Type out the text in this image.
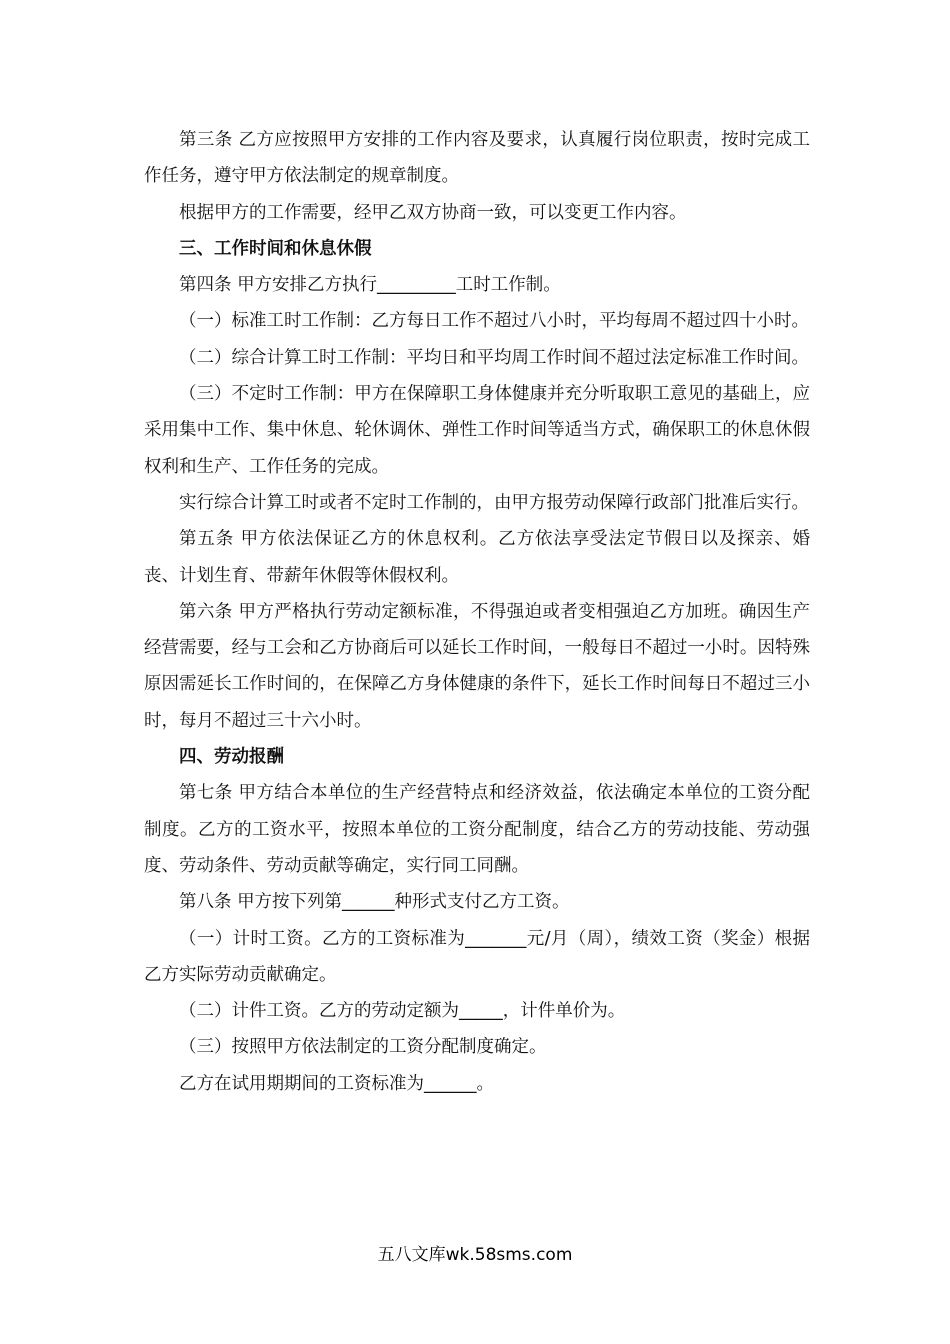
第三条 乙方应按照甲方安排的工作内容及要求，认真履行岗位职责，按时完成工作任务，遵守甲方依法制定的规章制度。

根据甲方的工作需要，经甲乙双方协商一致，可以变更工作内容。

三、工作时间和休息休假

第四条 甲方安排乙方执行_________工时工作制。

（一）标准工时工作制：乙方每日工作不超过八小时，平均每周不超过四十小时。

（二）综合计算工时工作制：平均日和平均周工作时间不超过法定标准工作时间。

（三）不定时工作制：甲方在保障职工身体健康并充分听取职工意见的基础上，应采用集中工作、集中休息、轮休调休、弹性工作时间等适当方式，确保职工的休息休假权利和生产、工作任务的完成。

实行综合计算工时或者不定时工作制的，由甲方报劳动保障行政部门批准后实行。

第五条 甲方依法保证乙方的休息权利。乙方依法享受法定节假日以及探亲、婚丧、计划生育、带薪年休假等休假权利。

第六条 甲方严格执行劳动定额标准，不得强迫或者变相强迫乙方加班。确因生产经营需要，经与工会和乙方协商后可以延长工作时间，一般每日不超过一小时。因特殊原因需延长工作时间的，在保障乙方身体健康的条件下，延长工作时间每日不超过三小时，每月不超过三十六小时。

四、劳动报酬

第七条 甲方结合本单位的生产经营特点和经济效益，依法确定本单位的工资分配制度。乙方的工资水平，按照本单位的工资分配制度，结合乙方的劳动技能、劳动强度、劳动条件、劳动贡献等确定，实行同工同酬。

第八条 甲方按下列第______种形式支付乙方工资。

（一）计时工资。乙方的工资标准为_______元/月（周），绩效工资（奖金）根据乙方实际劳动贡献确定。

（二）计件工资。乙方的劳动定额为_____，计件单价为。

（三）按照甲方依法制定的工资分配制度确定。

乙方在试用期期间的工资标准为______。

五八文库wk.58sms.com
